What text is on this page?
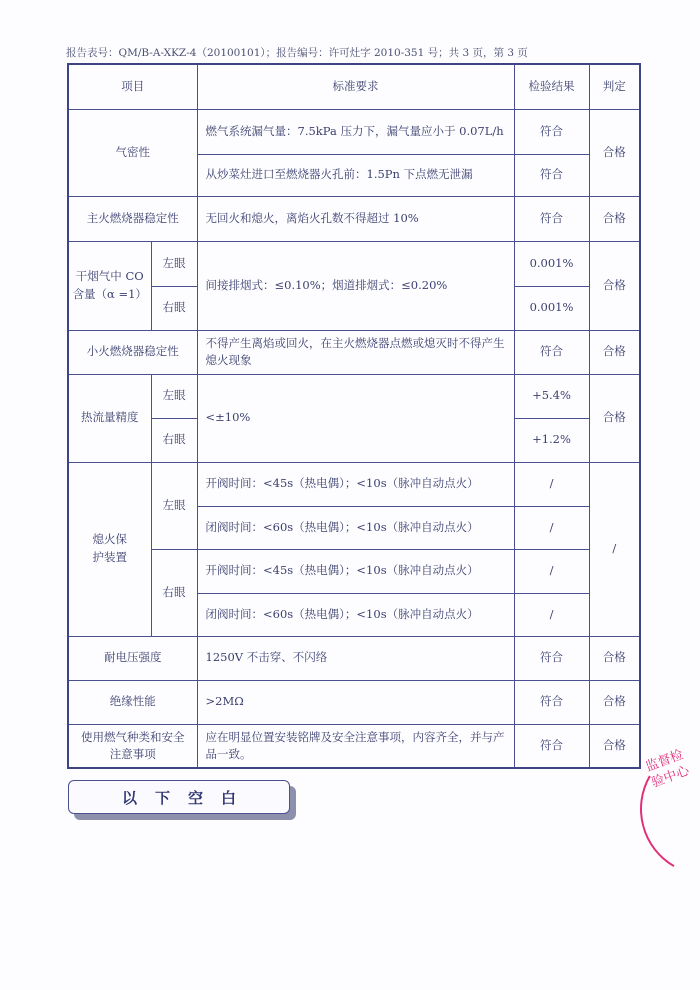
报告表号：QM/B-A-XKZ-4（20100101）；报告编号：许可灶字 2010-351 号；共 3 页，第 3 页
项目		标准要求	检验结果	判定
气密性		燃气系统漏气量：7.5kPa 压力下，漏气量应小于 0.07L/h	符合	合格
		从炒菜灶进口至燃烧器火孔前：1.5Pn 下点燃无泄漏	符合	
主火燃烧器稳定性		无回火和熄火，离焰火孔数不得超过 10%	符合	合格
干烟气中 CO 含量（α =1）	左眼	间接排烟式：≤0.10%；烟道排烟式：≤0.20%	0.001%	合格
	右眼		0.001%	
小火燃烧器稳定性		不得产生离焰或回火，在主火燃烧器点燃或熄灭时不得产生熄火现象	符合	合格
热流量精度	左眼	<±10%	+5.4%	合格
	右眼		+1.2%	
熄火保护装置	左眼	开阀时间：<45s（热电偶）；<10s（脉冲自动点火）	/	/
		闭阀时间：<60s（热电偶）；<10s（脉冲自动点火）	/	
	右眼	开阀时间：<45s（热电偶）；<10s（脉冲自动点火）	/	
		闭阀时间：<60s（热电偶）；<10s（脉冲自动点火）	/	
耐电压强度		1250V 不击穿、不闪络	符合	合格
绝缘性能		>2MΩ	符合	合格
使用燃气种类和安全注意事项		应在明显位置安装铭牌及安全注意事项，内容齐全，并与产品一致。	符合	合格
以下空白
监督检验中心
